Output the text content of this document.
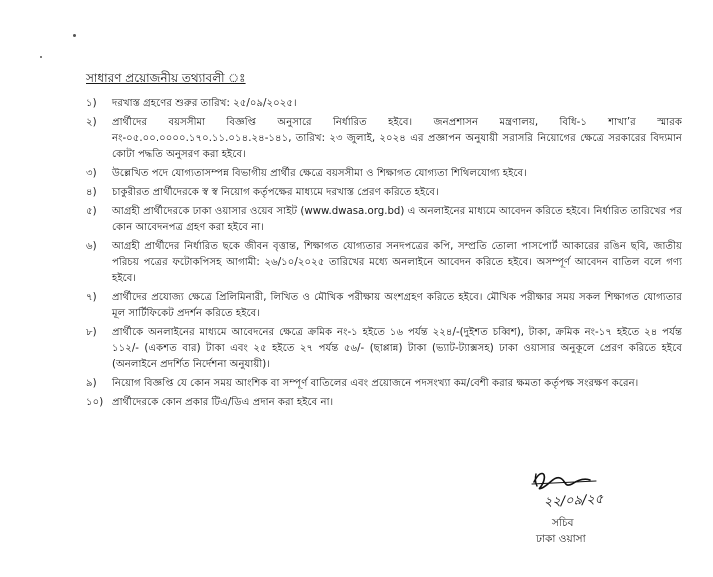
সাধারণ প্রয়োজনীয় তথ্যাবলী ঃ
১)	দরখাস্ত গ্রহণের শুরুর তারিখ: ২৫/০৯/২০২৫।
২)	প্রার্থীদের বয়সসীমা বিজ্ঞপ্তি অনুসারে নির্ধারিত হইবে। জনপ্রশাসন মন্ত্রণালয়, বিধি-১ শাখা’র স্মারক নং-০৫.০০.০০০০.১৭০.১১.০১৪.২৪-১৪১, তারিখ: ২৩ জুলাই, ২০২৪ এর প্রজ্ঞাপন অনুযায়ী সরাসরি নিয়োগের ক্ষেত্রে সরকারের বিদ্যমান কোটা পদ্ধতি অনুসরণ করা হইবে।
৩)	উল্লেখিত পদে যোগ্যতাসম্পন্ন বিভাগীয় প্রার্থীর ক্ষেত্রে বয়সসীমা ও শিক্ষাগত যোগ্যতা শিথিলযোগ্য হইবে।
৪)	চাকুরীরত প্রার্থীদেরকে স্ব স্ব নিয়োগ কর্তৃপক্ষের মাধ্যমে দরখাস্ত প্রেরণ করিতে হইবে।
৫)	আগ্রহী প্রার্থীদেরকে ঢাকা ওয়াসার ওয়েব সাইট (www.dwasa.org.bd) এ অনলাইনের মাধ্যমে আবেদন করিতে হইবে। নির্ধারিত তারিখের পর কোন আবেদনপত্র গ্রহণ করা হইবে না।
৬)	আগ্রহী প্রার্থীদের নির্ধারিত ছকে জীবন বৃত্তান্ত, শিক্ষাগত যোগ্যতার সনদপত্রের কপি, সম্প্রতি তোলা পাসপোর্ট আকারের রঙিন ছবি, জাতীয় পরিচয় পত্রের ফটোকপিসহ আগামী: ২৬/১০/২০২৫ তারিখের মধ্যে অনলাইনে আবেদন করিতে হইবে। অসম্পূর্ণ আবেদন বাতিল বলে গণ্য হইবে।
৭)	প্রার্থীদের প্রযোজ্য ক্ষেত্রে প্রিলিমিনারী, লিখিত ও মৌখিক পরীক্ষায় অংশগ্রহণ করিতে হইবে। মৌখিক পরীক্ষার সময় সকল শিক্ষাগত যোগ্যতার মূল সার্টিফিকেট প্রদর্শন করিতে হইবে।
৮)	প্রার্থীকে অনলাইনের মাধ্যমে আবেদনের ক্ষেত্রে ক্রমিক নং-১ হইতে ১৬ পর্যন্ত ২২৪/-(দুইশত চব্বিশ), টাকা, ক্রমিক নং-১৭ হইতে ২৪ পর্যন্ত ১১২/- (একশত বার) টাকা এবং ২৫ হইতে ২৭ পর্যন্ত ৫৬/- (ছাপ্পান্ন) টাকা (ভ্যাট-ট্যাক্সসহ) ঢাকা ওয়াসার অনুকূলে প্রেরণ করিতে হইবে (অনলাইনে প্রদর্শিত নির্দেশনা অনুযায়ী)।
৯)	নিয়োগ বিজ্ঞপ্তি যে কোন সময় আংশিক বা সম্পূর্ণ বাতিলের এবং প্রয়োজনে পদসংখ্যা কম/বেশী করার ক্ষমতা কর্তৃপক্ষ সংরক্ষণ করেন।
১০) প্রার্থীদেরকে কোন প্রকার টিএ/ডিএ প্রদান করা হইবে না।
২২/০৯/২৫
সচিব
ঢাকা ওয়াসা
